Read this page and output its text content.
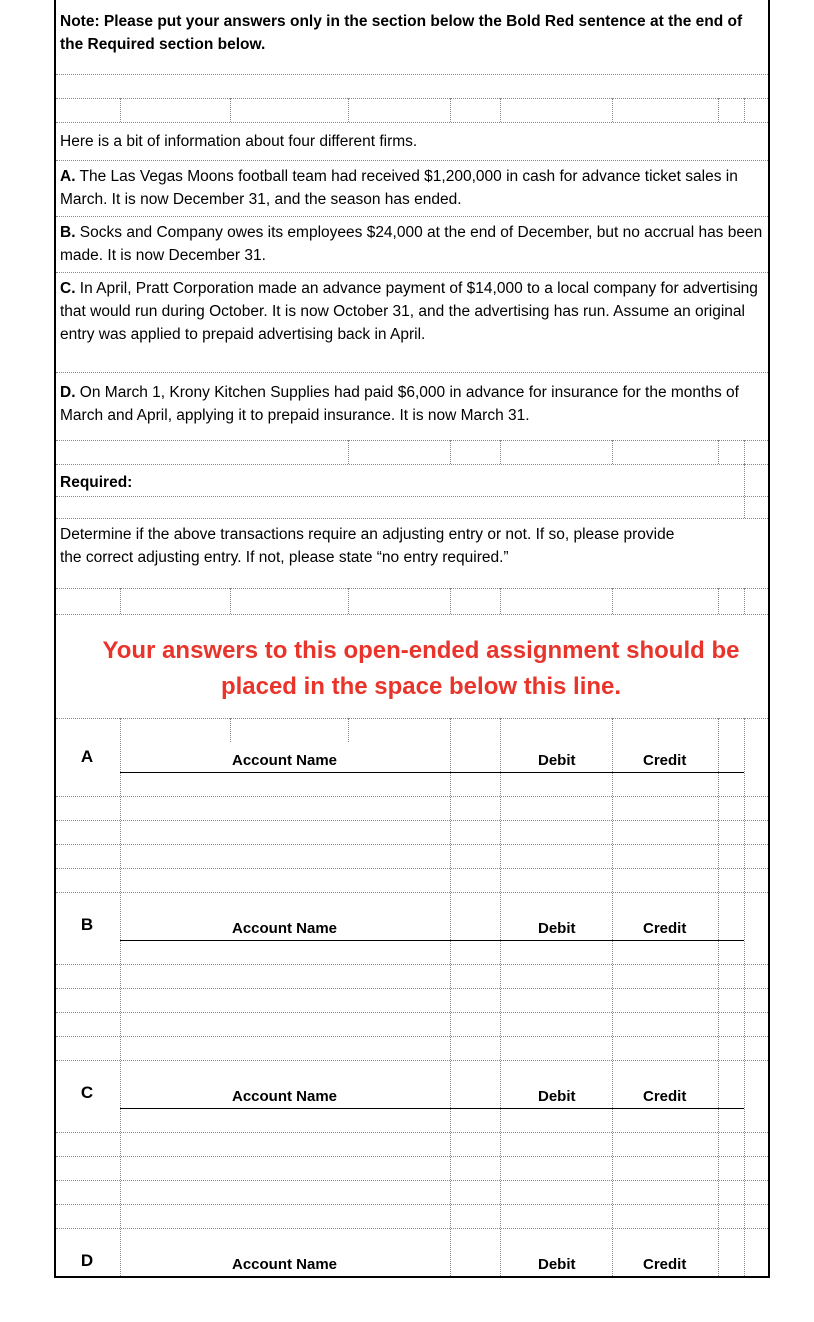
Note: Please put your answers only in the section below the Bold Red sentence at the end of the Required section below.
Here is a bit of information about four different firms.
A. The Las Vegas Moons football team had received $1,200,000 in cash for advance ticket sales in March. It is now December 31, and the season has ended.
B. Socks and Company owes its employees $24,000 at the end of December, but no accrual has been made. It is now December 31.
C. In April, Pratt Corporation made an advance payment of $14,000 to a local company for advertising that would run during October. It is now October 31, and the advertising has run. Assume an original entry was applied to prepaid advertising back in April.
D. On March 1, Krony Kitchen Supplies had paid $6,000 in advance for insurance for the months of March and April, applying it to prepaid insurance. It is now March 31.
Required:
Determine if the above transactions require an adjusting entry or not. If so, please provide the correct adjusting entry. If not, please state “no entry required.”
Your answers to this open-ended assignment should be placed in the space below this line.
A	Account Name	Debit	Credit
B	Account Name	Debit	Credit
C	Account Name	Debit	Credit
D	Account Name	Debit	Credit
